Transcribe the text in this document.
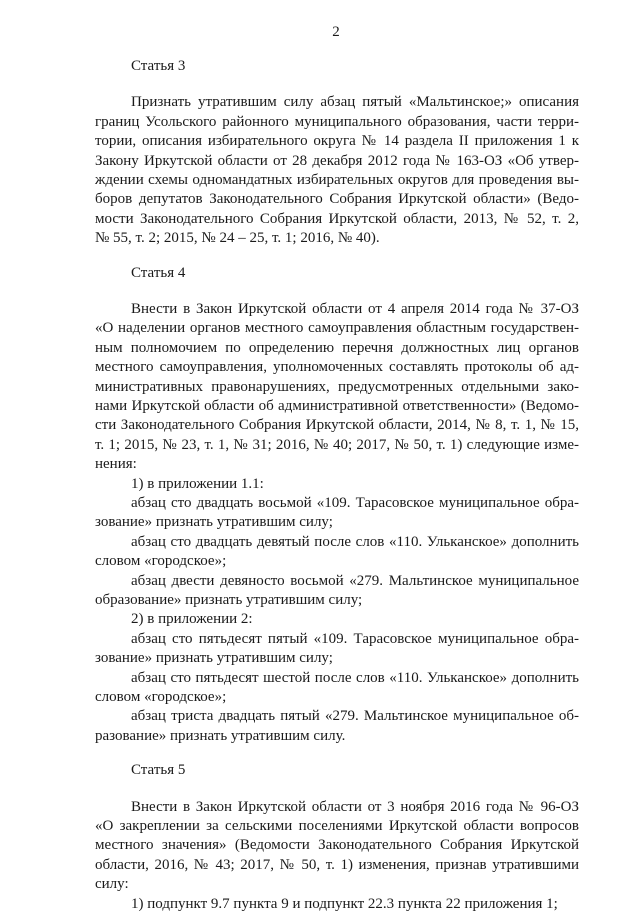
2
Статья 3
Признать утратившим силу абзац пятый «Мальтинское;» описания
границ Усольского районного муниципального образования, части терри-
тории, описания избирательного округа № 14 раздела II приложения 1 к
Закону Иркутской области от 28 декабря 2012 года № 163-ОЗ «Об утвер-
ждении схемы одномандатных избирательных округов для проведения вы-
боров депутатов Законодательного Собрания Иркутской области» (Ведо-
мости Законодательного Собрания Иркутской области, 2013, № 52, т. 2,
№ 55, т. 2; 2015, № 24 – 25, т. 1; 2016, № 40).
Статья 4
Внести в Закон Иркутской области от 4 апреля 2014 года № 37-ОЗ
«О наделении органов местного самоуправления областным государствен-
ным полномочием по определению перечня должностных лиц органов
местного самоуправления, уполномоченных составлять протоколы об ад-
министративных правонарушениях, предусмотренных отдельными зако-
нами Иркутской области об административной ответственности» (Ведомо-
сти Законодательного Собрания Иркутской области, 2014, № 8, т. 1, № 15,
т. 1; 2015, № 23, т. 1, № 31; 2016, № 40; 2017, № 50, т. 1) следующие изме-
нения:
1) в приложении 1.1:
абзац сто двадцать восьмой «109. Тарасовское муниципальное обра-
зование» признать утратившим силу;
абзац сто двадцать девятый после слов «110. Ульканское» дополнить
словом «городское»;
абзац двести девяносто восьмой «279. Мальтинское муниципальное
образование» признать утратившим силу;
2) в приложении 2:
абзац сто пятьдесят пятый «109. Тарасовское муниципальное обра-
зование» признать утратившим силу;
абзац сто пятьдесят шестой после слов «110. Ульканское» дополнить
словом «городское»;
абзац триста двадцать пятый «279. Мальтинское муниципальное об-
разование» признать утратившим силу.
Статья 5
Внести в Закон Иркутской области от 3 ноября 2016 года № 96-ОЗ
«О закреплении за сельскими поселениями Иркутской области вопросов
местного значения» (Ведомости Законодательного Собрания Иркутской
области, 2016, № 43; 2017, № 50, т. 1) изменения, признав утратившими
силу:
1) подпункт 9.7 пункта 9 и подпункт 22.3 пункта 22 приложения 1;
